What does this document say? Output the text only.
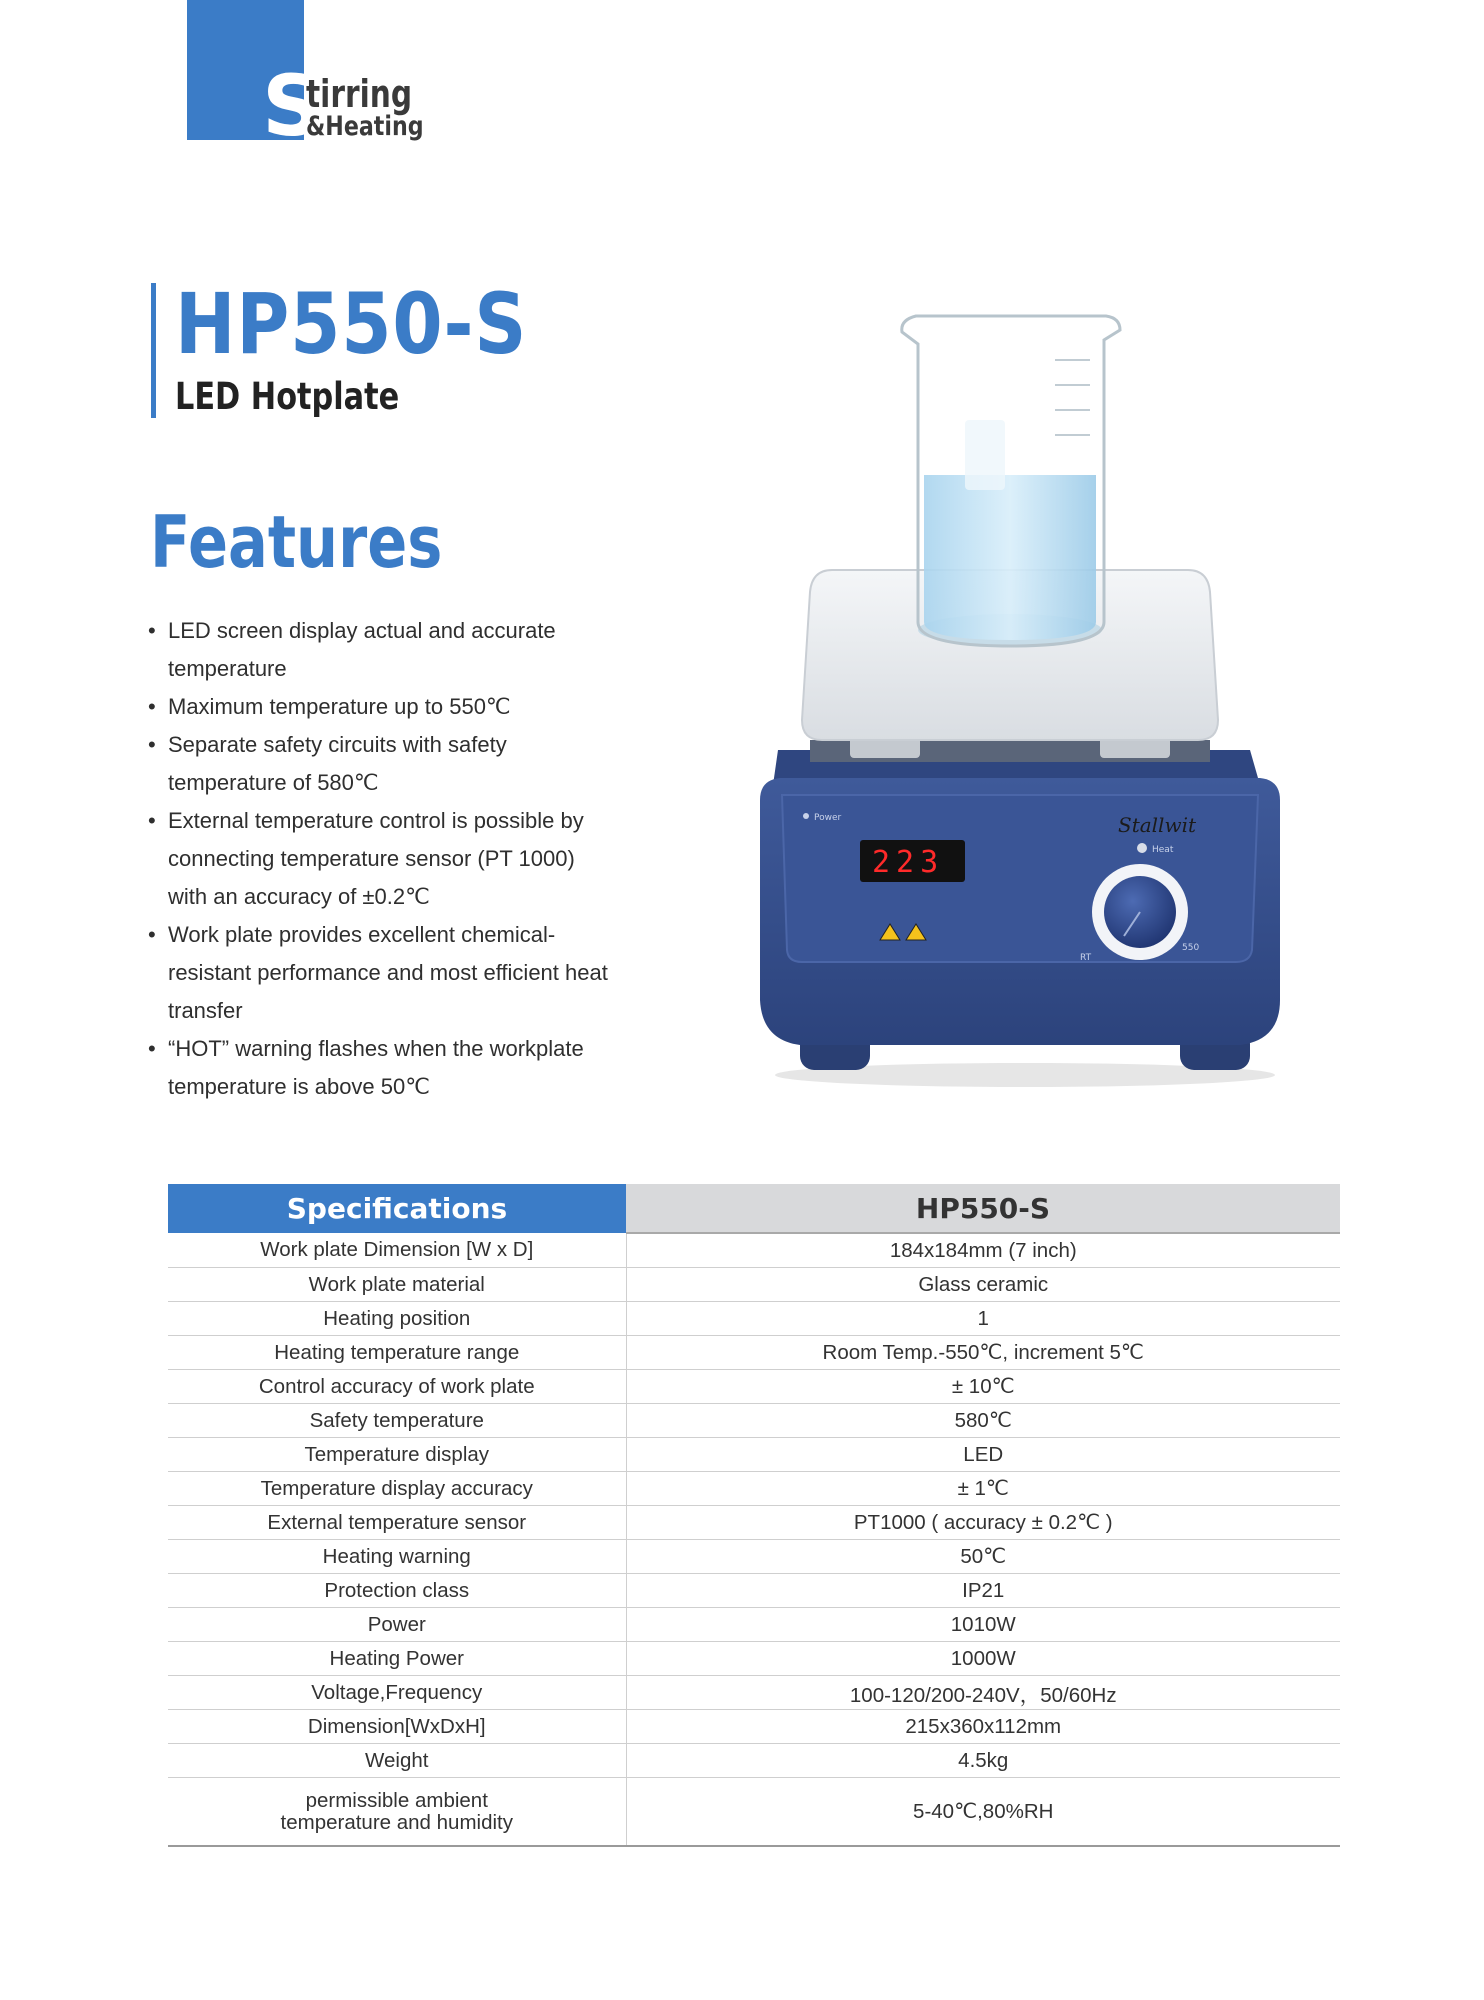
S
tirring
&Heating
HP550-S
LED Hotplate
Features
• LED screen display actual and accurate temperature
• Maximum temperature up to 550℃
• Separate safety circuits with safety temperature of 580℃
• External temperature control is possible by connecting temperature sensor (PT 1000) with an accuracy of ±0.2℃
• Work plate provides excellent chemical-resistant performance and most efficient heat transfer
• “HOT” warning flashes when the workplate temperature is above 50℃
223
Power	Stallwit
Heat
RT
550
Specifications	HP550-S
Work plate Dimension [W x D]	184x184mm (7 inch)
Work plate material	Glass ceramic
Heating position	1
Heating temperature range	Room Temp.-550℃, increment 5℃
Control accuracy of work plate	± 10℃
Safety temperature	580℃
Temperature display	LED
Temperature display accuracy	± 1℃
External temperature sensor	PT1000 ( accuracy ± 0.2℃ )
Heating warning	50℃
Protection class	IP21
Power	1010W
Heating Power	1000W
Voltage,Frequency	100-120/200-240V，50/60Hz
Dimension[WxDxH]	215x360x112mm
Weight	4.5kg

permissible ambient
temperature and humidity	5-40℃,80%RH
